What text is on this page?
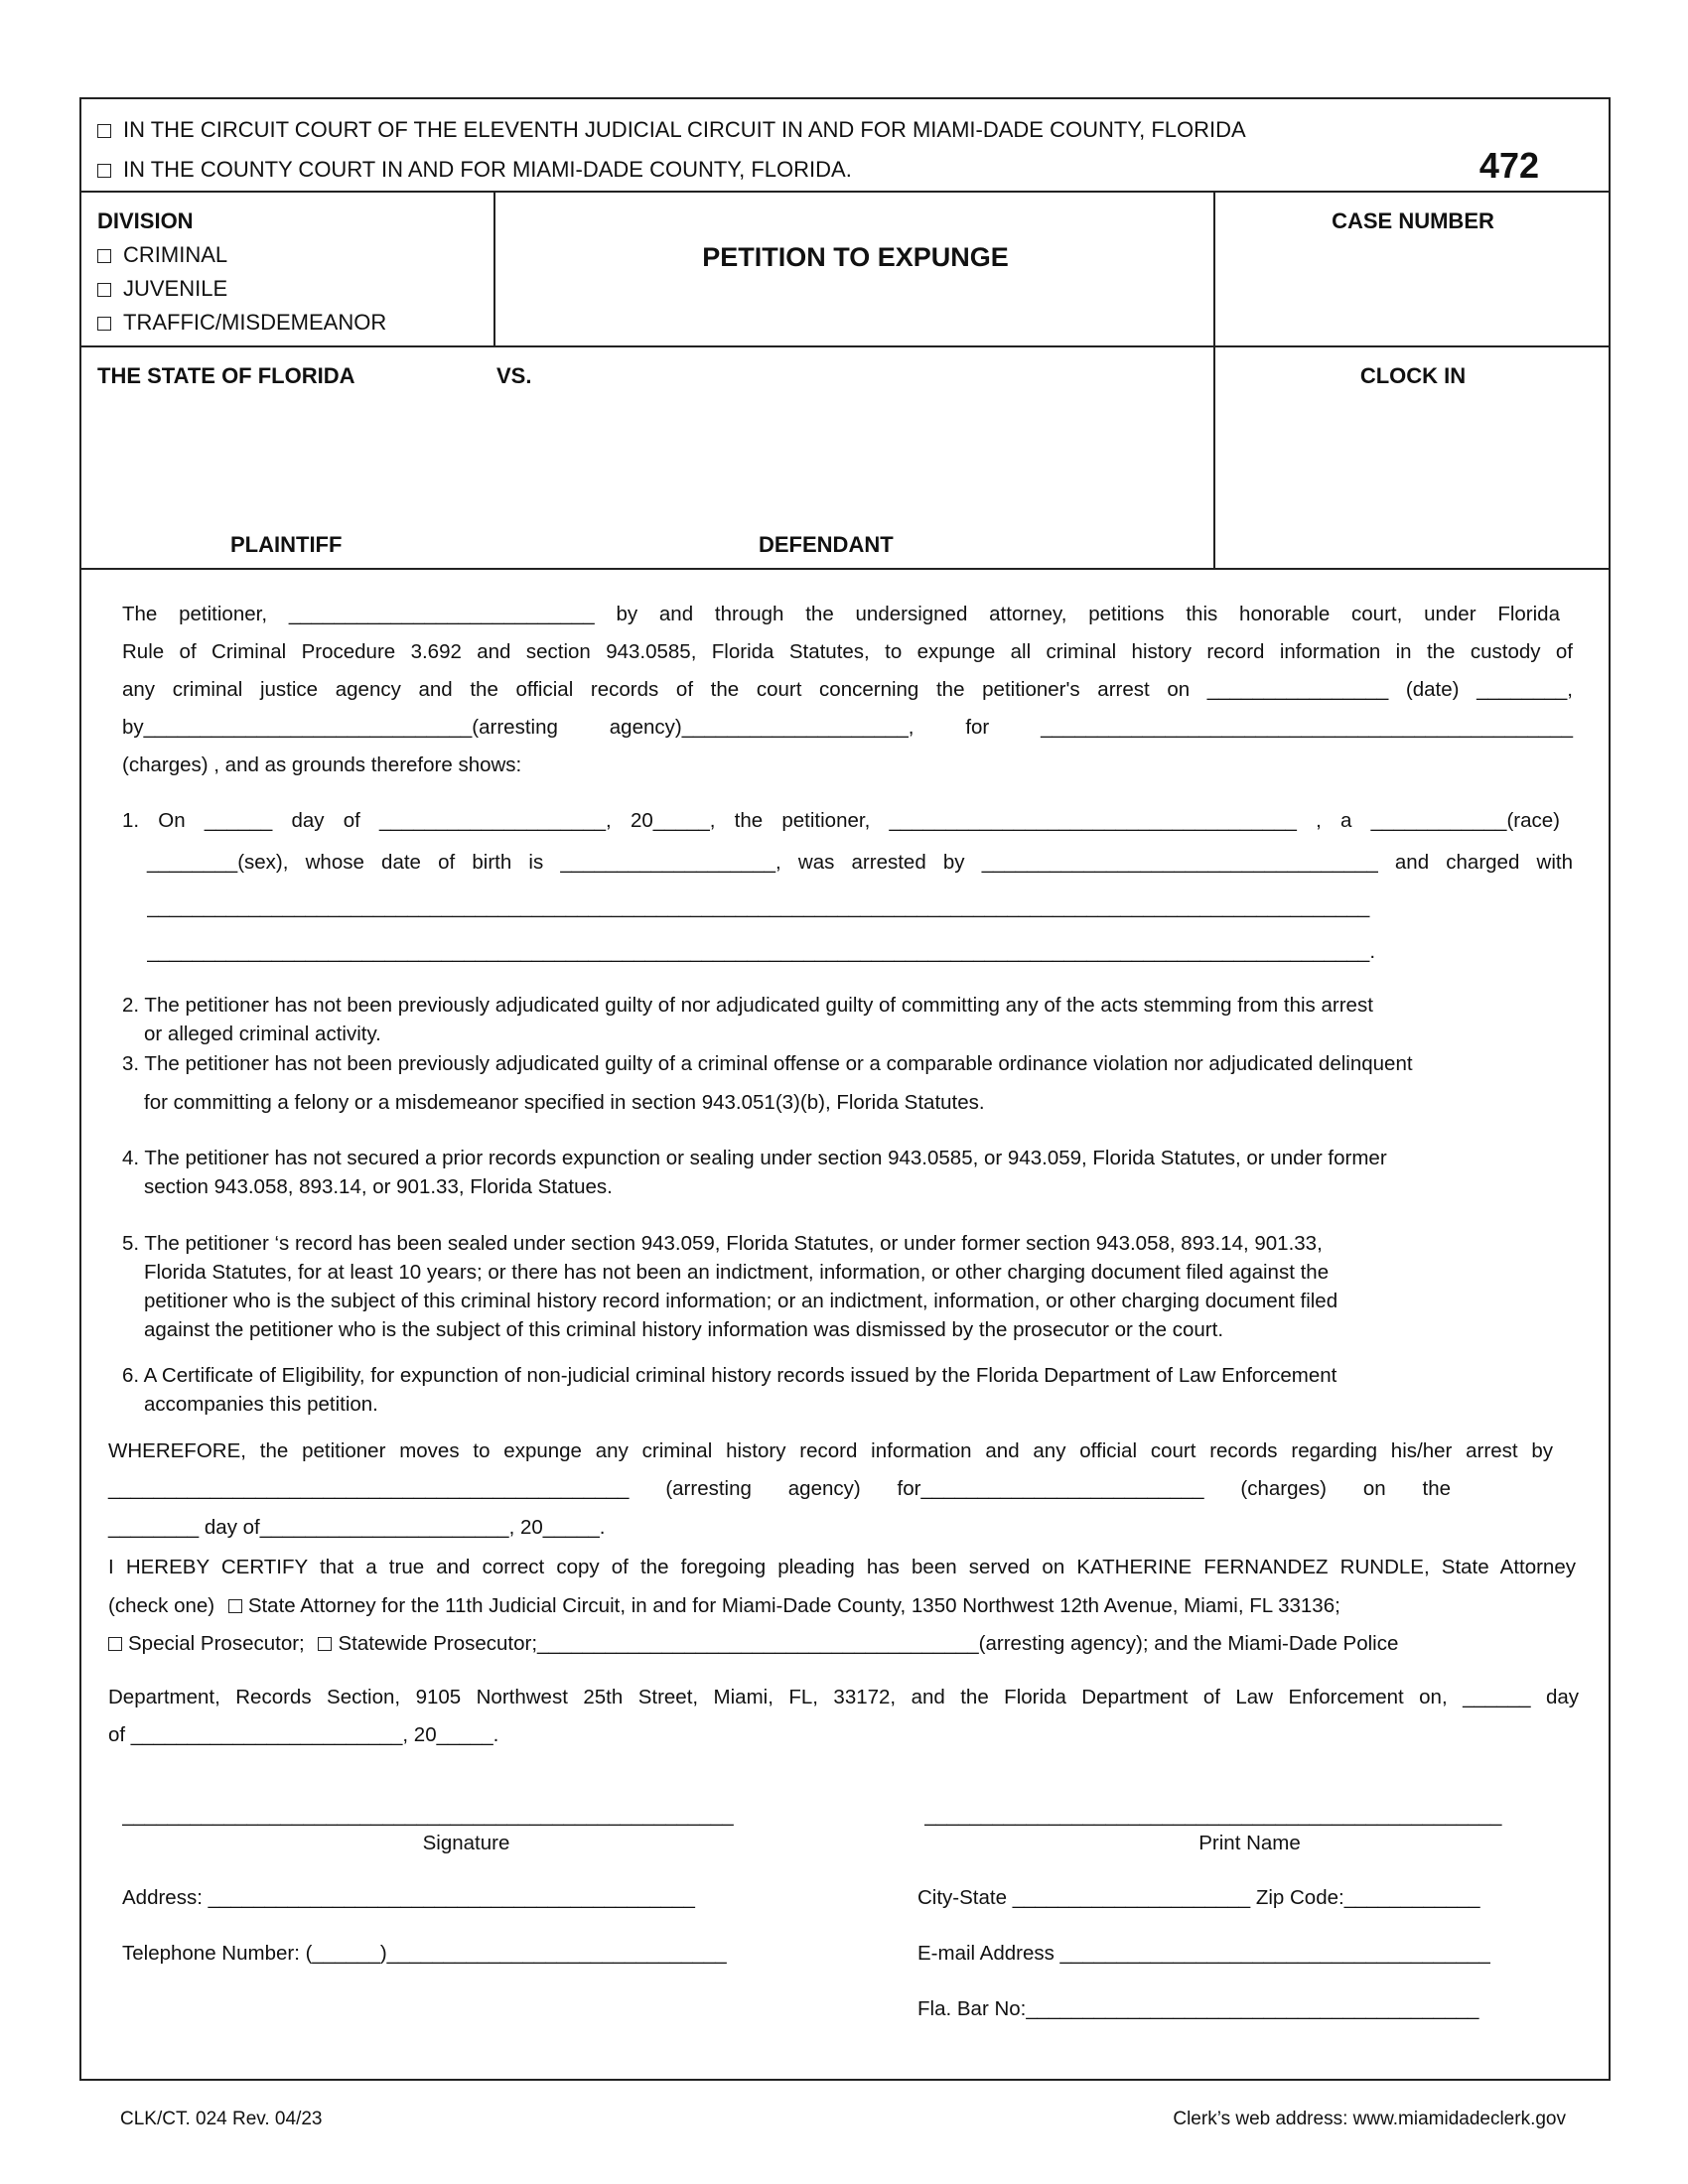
IN THE CIRCUIT COURT OF THE ELEVENTH JUDICIAL CIRCUIT IN AND FOR MIAMI-DADE COUNTY, FLORIDA
IN THE COUNTY COURT IN AND FOR MIAMI-DADE COUNTY, FLORIDA.	472
DIVISION
CRIMINAL
JUVENILE
TRAFFIC/MISDEMEANOR
PETITION TO EXPUNGE
CASE NUMBER
THE STATE OF FLORIDA	VS.	CLOCK IN
PLAINTIFF	DEFENDANT
The petitioner, ___________________________ by and through the undersigned attorney, petitions this honorable court, under Florida
Rule of Criminal Procedure 3.692 and section 943.0585, Florida Statutes, to expunge all criminal history record information in the custody of
any criminal justice agency and the official records of the court concerning the petitioner's arrest on ________________ (date) ________,
by_____________________________(arresting agency)____________________, for _______________________________________________
(charges) , and as grounds therefore shows:
1. On ______ day of ____________________, 20_____, the petitioner, ____________________________________ , a ____________(race)
________(sex), whose date of birth is ___________________, was arrested by ___________________________________ and charged with
____________________________________________________________________________________________________________
____________________________________________________________________________________________________________.
2. The petitioner has not been previously adjudicated guilty of nor adjudicated guilty of committing any of the acts stemming from this arrest
or alleged criminal activity.
3. The petitioner has not been previously adjudicated guilty of a criminal offense or a comparable ordinance violation nor adjudicated delinquent
for committing a felony or a misdemeanor specified in section 943.051(3)(b), Florida Statutes.
4. The petitioner has not secured a prior records expunction or sealing under section 943.0585, or 943.059, Florida Statutes, or under former
section 943.058, 893.14, or 901.33, Florida Statues.
5. The petitioner ‘s record has been sealed under section 943.059, Florida Statutes, or under former section 943.058, 893.14, 901.33,
Florida Statutes, for at least 10 years; or there has not been an indictment, information, or other charging document filed against the
petitioner who is the subject of this criminal history record information; or an indictment, information, or other charging document filed
against the petitioner who is the subject of this criminal history information was dismissed by the prosecutor or the court.
6. A Certificate of Eligibility, for expunction of non-judicial criminal history records issued by the Florida Department of Law Enforcement
accompanies this petition.
WHEREFORE, the petitioner moves to expunge any criminal history record information and any official court records regarding his/her arrest by
______________________________________________ (arresting agency) for_________________________ (charges) on the
________ day of______________________, 20_____.
I HEREBY CERTIFY that a true and correct copy of the foregoing pleading has been served on KATHERINE FERNANDEZ RUNDLE, State Attorney
(check one) State Attorney for the 11th Judicial Circuit, in and for Miami-Dade County, 1350 Northwest 12th Avenue, Miami, FL 33136;
Special Prosecutor; Statewide Prosecutor;_______________________________________(arresting agency); and the Miami-Dade Police
Department, Records Section, 9105 Northwest 25th Street, Miami, FL, 33172, and the Florida Department of Law Enforcement on, ______ day
of ________________________, 20_____.
______________________________________________________	___________________________________________________
Signature	Print Name
Address: ___________________________________________	City-State _____________________ Zip Code:____________
Telephone Number: (______)______________________________	E-mail Address ______________________________________
Fla. Bar No:________________________________________
CLK/CT. 024 Rev. 04/23	Clerk’s web address: www.miamidadeclerk.gov
